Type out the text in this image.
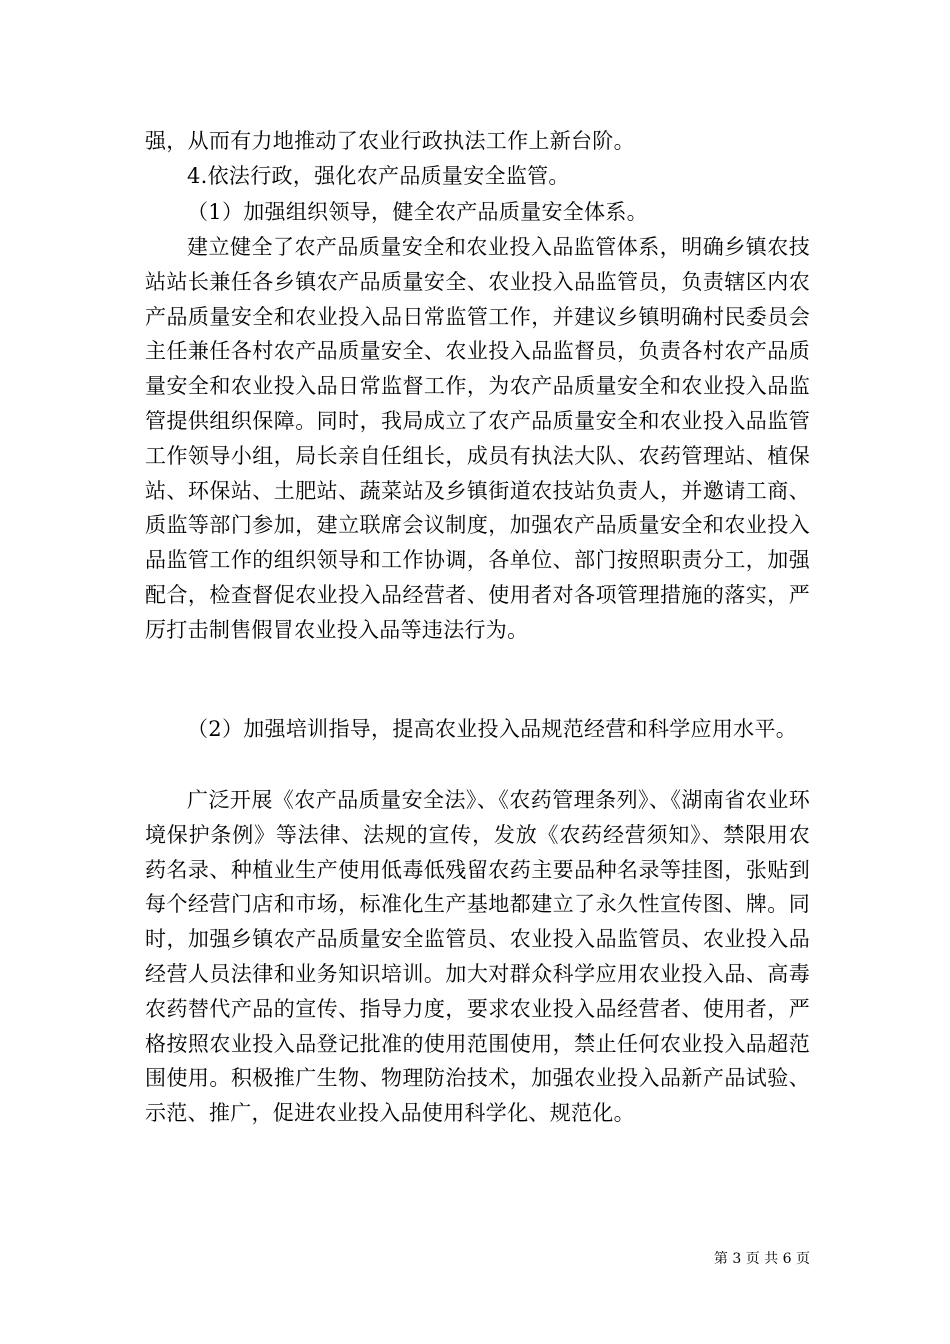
强，从而有力地推动了农业行政执法工作上新台阶。

4.依法行政，强化农产品质量安全监管。

（1）加强组织领导，健全农产品质量安全体系。

建立健全了农产品质量安全和农业投入品监管体系，明确乡镇农技站站长兼任各乡镇农产品质量安全、农业投入品监管员，负责辖区内农产品质量安全和农业投入品日常监管工作，并建议乡镇明确村民委员会主任兼任各村农产品质量安全、农业投入品监督员，负责各村农产品质量安全和农业投入品日常监督工作，为农产品质量安全和农业投入品监管提供组织保障。同时，我局成立了农产品质量安全和农业投入品监管工作领导小组，局长亲自任组长，成员有执法大队、农药管理站、植保站、环保站、土肥站、蔬菜站及乡镇街道农技站负责人，并邀请工商、质监等部门参加，建立联席会议制度，加强农产品质量安全和农业投入品监管工作的组织领导和工作协调，各单位、部门按照职责分工，加强配合，检查督促农业投入品经营者、使用者对各项管理措施的落实，严厉打击制售假冒农业投入品等违法行为。

（2）加强培训指导，提高农业投入品规范经营和科学应用水平。

广泛开展《农产品质量安全法》、《农药管理条列》、《湖南省农业环境保护条例》等法律、法规的宣传，发放《农药经营须知》、禁限用农药名录、种植业生产使用低毒低残留农药主要品种名录等挂图，张贴到每个经营门店和市场，标准化生产基地都建立了永久性宣传图、牌。同时，加强乡镇农产品质量安全监管员、农业投入品监管员、农业投入品经营人员法律和业务知识培训。加大对群众科学应用农业投入品、高毒农药替代产品的宣传、指导力度，要求农业投入品经营者、使用者，严格按照农业投入品登记批准的使用范围使用，禁止任何农业投入品超范围使用。积极推广生物、物理防治技术，加强农业投入品新产品试验、示范、推广，促进农业投入品使用科学化、规范化。

第 3 页 共 6 页
